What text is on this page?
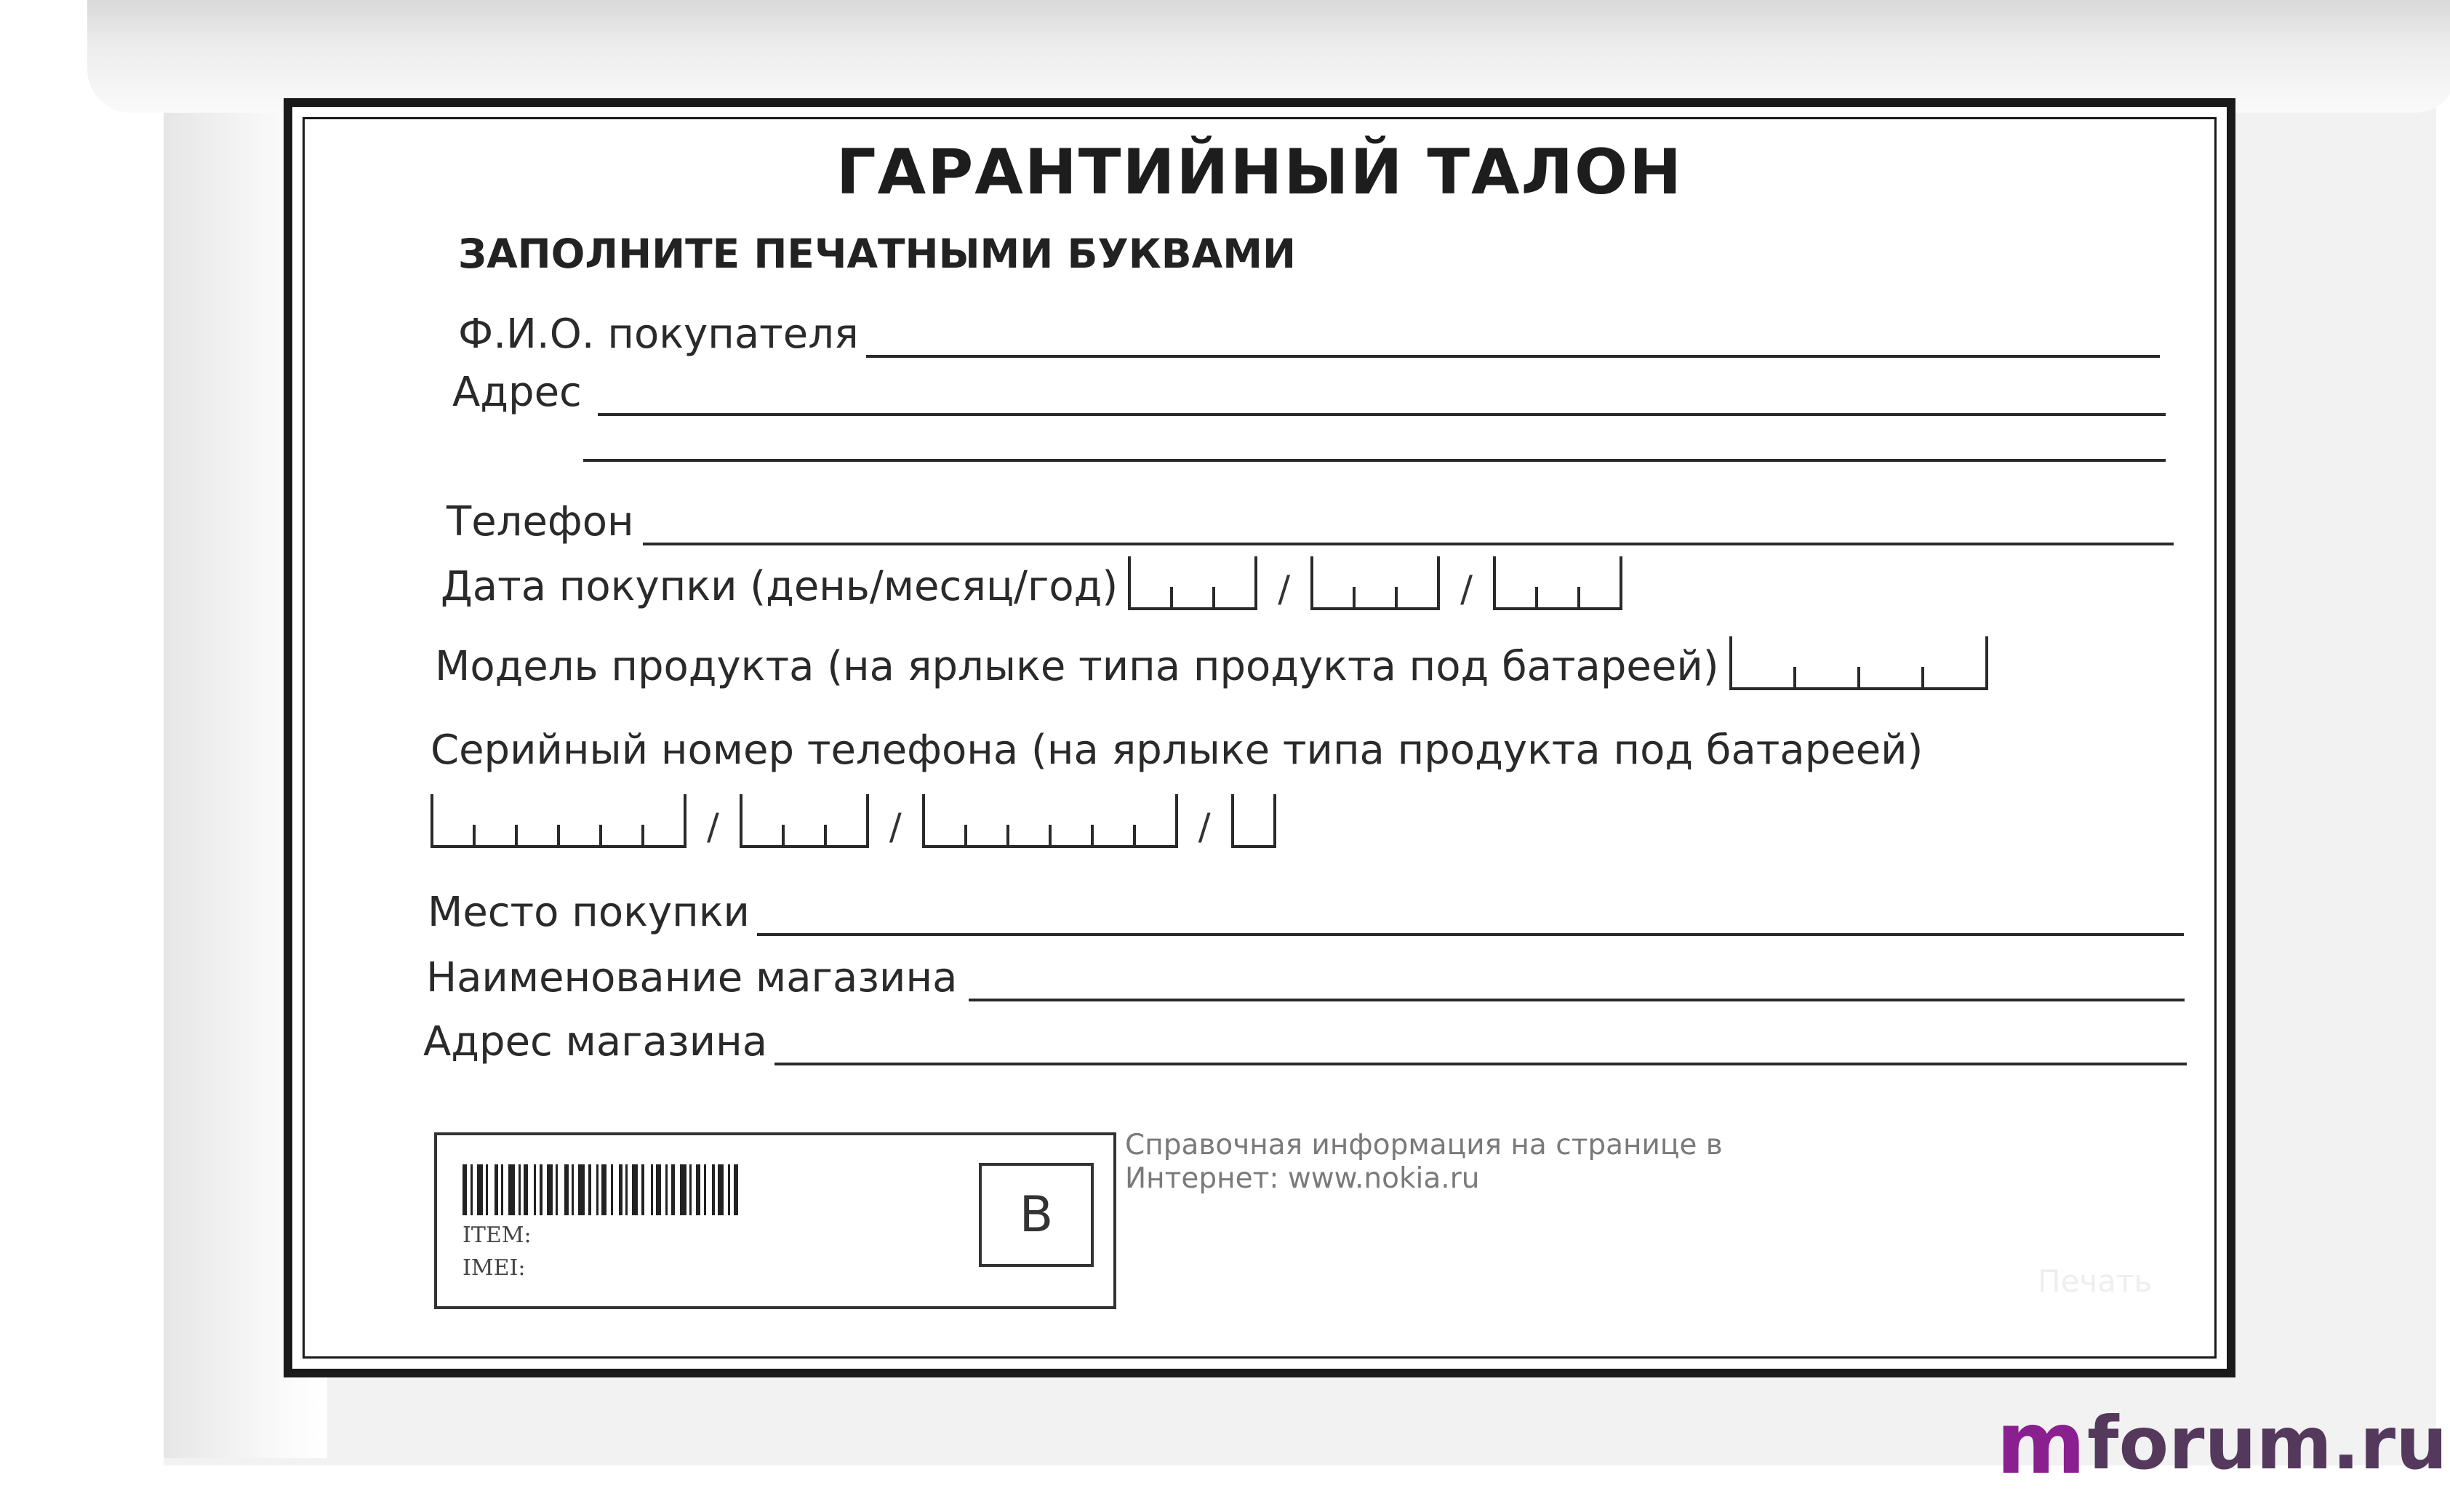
ГАРАНТИЙНЫЙ ТАЛОН
ЗАПОЛНИТЕ ПЕЧАТНЫМИ БУКВАМИ
Ф.И.О. покупателя
Адрес
Телефон
Дата покупки (день/месяц/год)	/	/
Модель продукта (на ярлыке типа продукта под батареей)
Серийный номер телефона (на ярлыке типа продукта под батареей)
/	/	/
Место покупки
Наименование магазина
Адрес магазина
ITEM:
IMEI:
B
Справочная информация на странице в
Интернет: www.nokia.ru
Печать
m forum.ru
